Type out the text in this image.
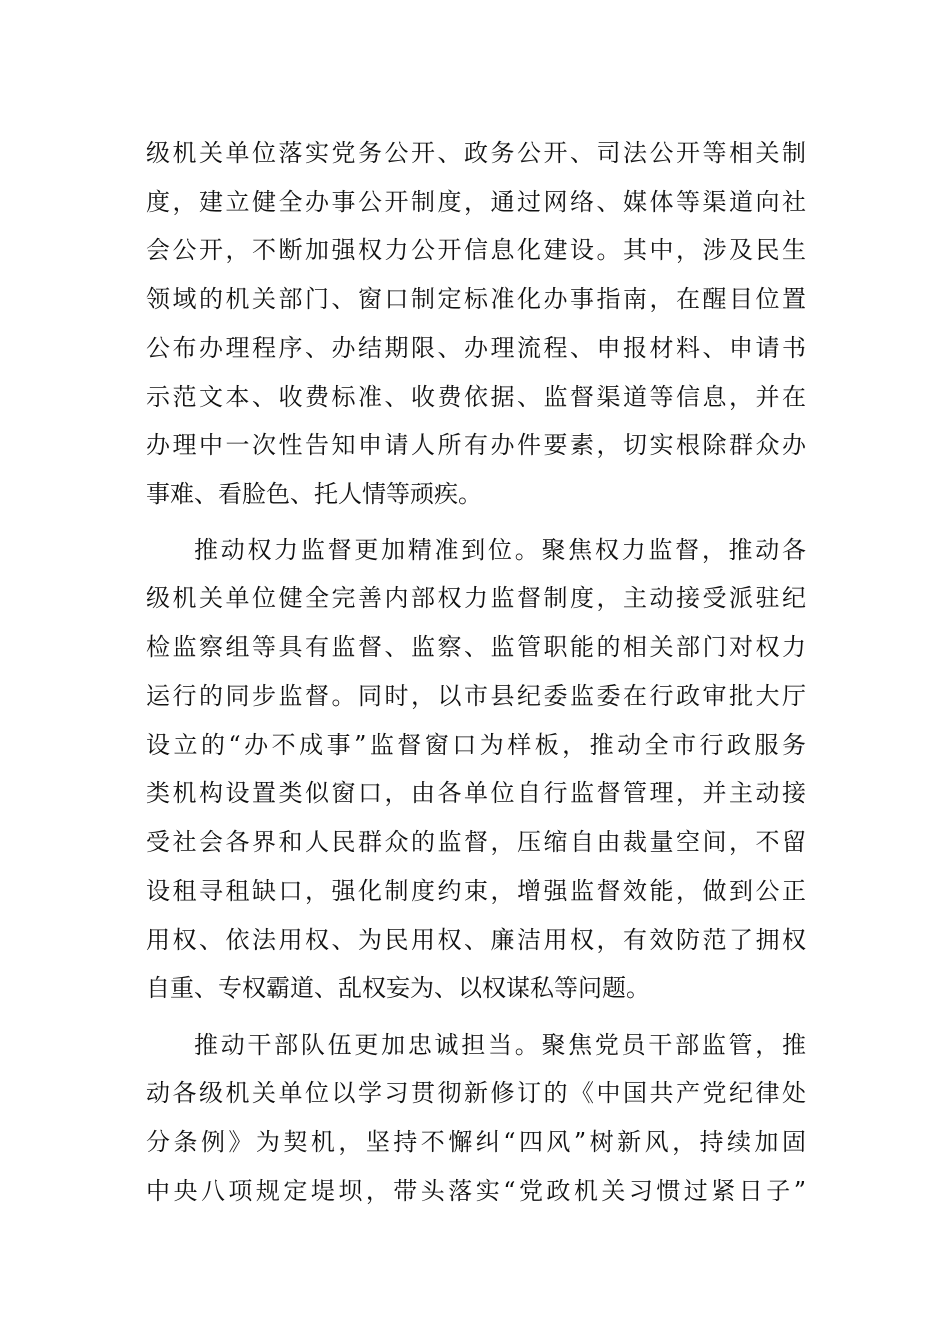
级机关单位落实党务公开、政务公开、司法公开等相关制
度，建立健全办事公开制度，通过网络、媒体等渠道向社
会公开，不断加强权力公开信息化建设。其中，涉及民生
领域的机关部门、窗口制定标准化办事指南，在醒目位置
公布办理程序、办结期限、办理流程、申报材料、申请书
示范文本、收费标准、收费依据、监督渠道等信息，并在
办理中一次性告知申请人所有办件要素，切实根除群众办
事难、看脸色、托人情等顽疾。
推动权力监督更加精准到位。聚焦权力监督，推动各
级机关单位健全完善内部权力监督制度，主动接受派驻纪
检监察组等具有监督、监察、监管职能的相关部门对权力
运行的同步监督。同时，以市县纪委监委在行政审批大厅
设立的“办不成事”监督窗口为样板，推动全市行政服务
类机构设置类似窗口，由各单位自行监督管理，并主动接
受社会各界和人民群众的监督，压缩自由裁量空间，不留
设租寻租缺口，强化制度约束，增强监督效能，做到公正
用权、依法用权、为民用权、廉洁用权，有效防范了拥权
自重、专权霸道、乱权妄为、以权谋私等问题。
推动干部队伍更加忠诚担当。聚焦党员干部监管，推
动各级机关单位以学习贯彻新修订的《中国共产党纪律处
分条例》为契机，坚持不懈纠“四风”树新风，持续加固
中央八项规定堤坝，带头落实“党政机关习惯过紧日子”
